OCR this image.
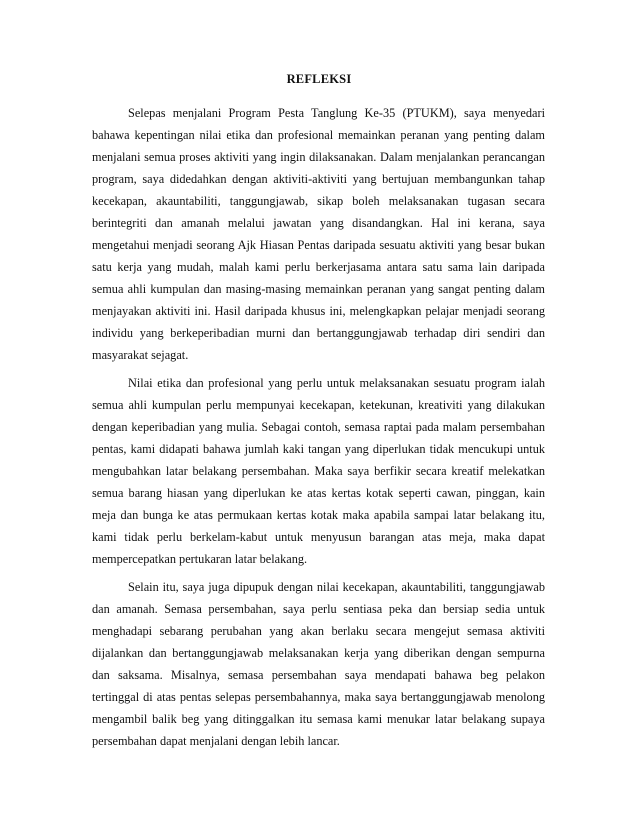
REFLEKSI
Selepas menjalani Program Pesta Tanglung Ke-35 (PTUKM), saya menyedari
bahawa kepentingan nilai etika dan profesional memainkan peranan yang penting dalam
menjalani semua proses aktiviti yang ingin dilaksanakan. Dalam menjalankan perancangan
program, saya didedahkan dengan aktiviti-aktiviti yang bertujuan membangunkan tahap
kecekapan, akauntabiliti, tanggungjawab, sikap boleh melaksanakan tugasan secara
berintegriti dan amanah melalui jawatan yang disandangkan. Hal ini kerana, saya
mengetahui menjadi seorang Ajk Hiasan Pentas daripada sesuatu aktiviti yang besar bukan
satu kerja yang mudah, malah kami perlu berkerjasama antara satu sama lain daripada
semua ahli kumpulan dan masing-masing memainkan peranan yang sangat penting dalam
menjayakan aktiviti ini. Hasil daripada khusus ini, melengkapkan pelajar menjadi seorang
individu yang berkeperibadian murni dan bertanggungjawab terhadap diri sendiri dan
masyarakat sejagat.
Nilai etika dan profesional yang perlu untuk melaksanakan sesuatu program ialah
semua ahli kumpulan perlu mempunyai kecekapan, ketekunan, kreativiti yang dilakukan
dengan keperibadian yang mulia. Sebagai contoh, semasa raptai pada malam persembahan
pentas, kami didapati bahawa jumlah kaki tangan yang diperlukan tidak mencukupi untuk
mengubahkan latar belakang persembahan. Maka saya berfikir secara kreatif melekatkan
semua barang hiasan yang diperlukan ke atas kertas kotak seperti cawan, pinggan, kain
meja dan bunga ke atas permukaan kertas kotak maka apabila sampai latar belakang itu,
kami tidak perlu berkelam-kabut untuk menyusun barangan atas meja, maka dapat
mempercepatkan pertukaran latar belakang.
Selain itu, saya juga dipupuk dengan nilai kecekapan, akauntabiliti, tanggungjawab
dan amanah. Semasa persembahan, saya perlu sentiasa peka dan bersiap sedia untuk
menghadapi sebarang perubahan yang akan berlaku secara mengejut semasa aktiviti
dijalankan dan bertanggungjawab melaksanakan kerja yang diberikan dengan sempurna
dan saksama. Misalnya, semasa persembahan saya mendapati bahawa beg pelakon
tertinggal di atas pentas selepas persembahannya, maka saya bertanggungjawab menolong
mengambil balik beg yang ditinggalkan itu semasa kami menukar latar belakang supaya
persembahan dapat menjalani dengan lebih lancar.
